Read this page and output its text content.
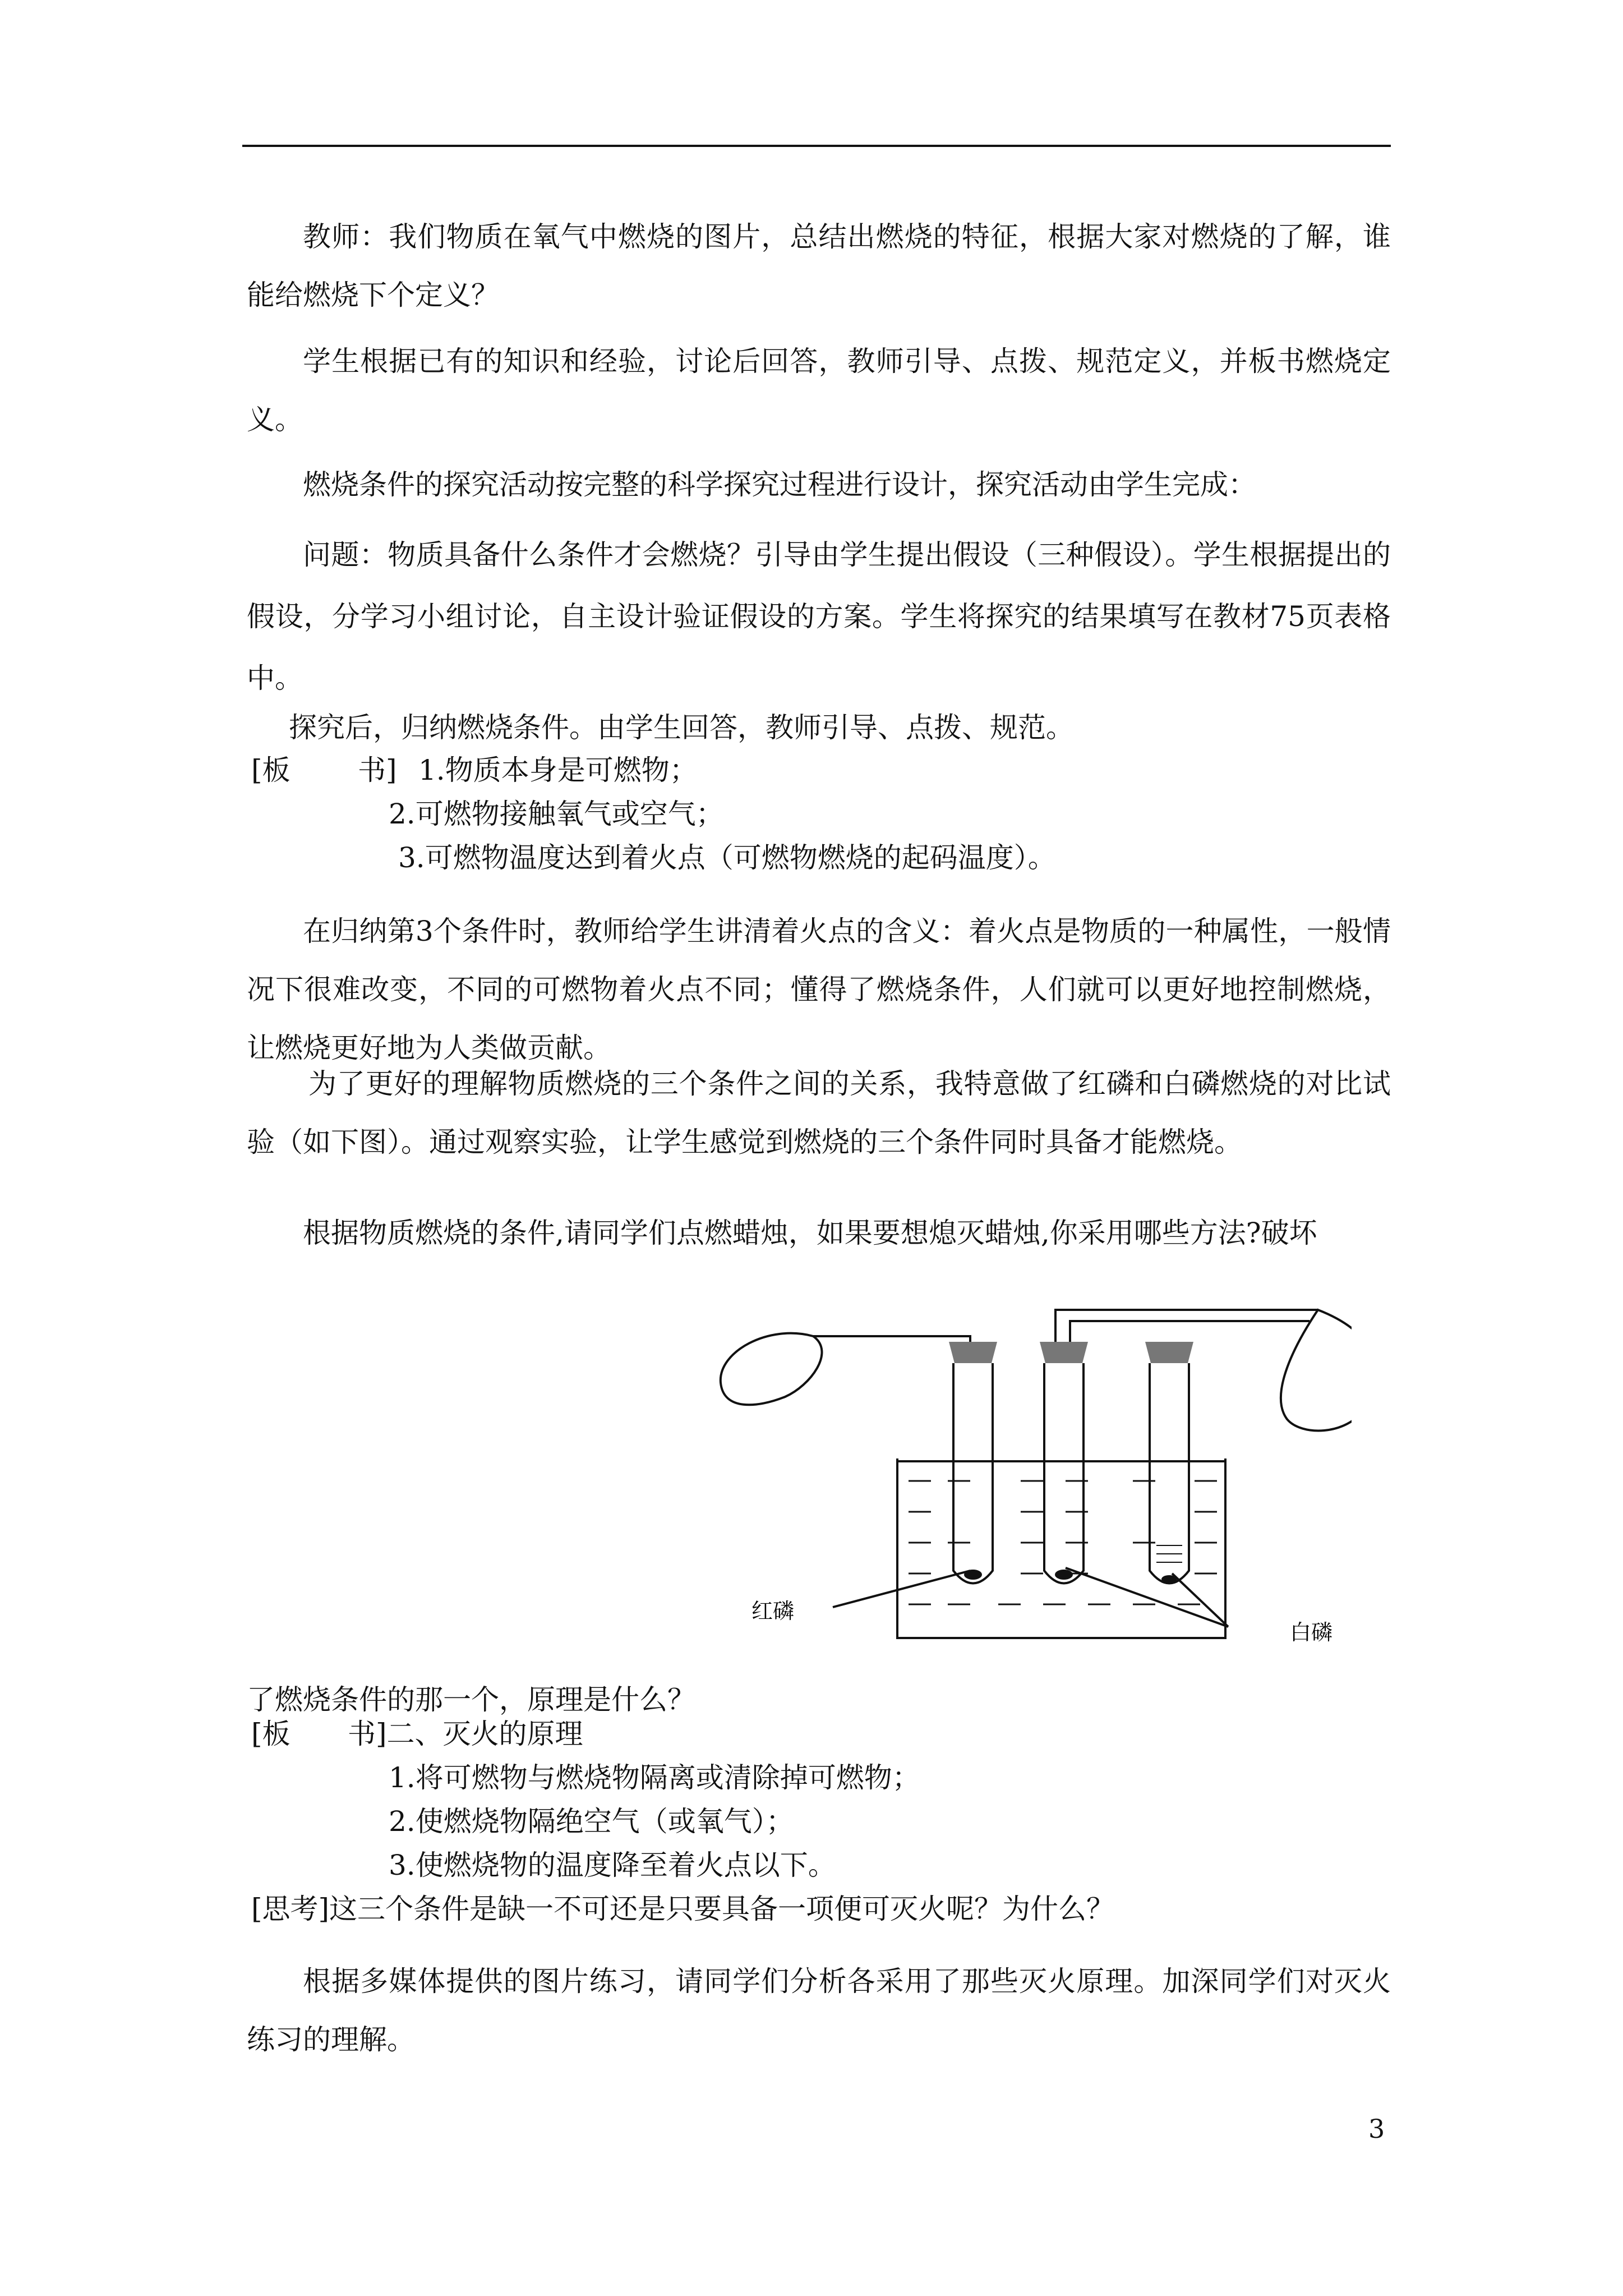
教师：我们物质在氧气中燃烧的图片，总结出燃烧的特征，根据大家对燃烧的了解，谁能给燃烧下个定义？
学生根据已有的知识和经验，讨论后回答，教师引导、点拨、规范定义，并板书燃烧定义。
燃烧条件的探究活动按完整的科学探究过程进行设计，探究活动由学生完成：
问题：物质具备什么条件才会燃烧？引导由学生提出假设（三种假设）。学生根据提出的假设，分学习小组讨论，自主设计验证假设的方案。学生将探究的结果填写在教材75页表格中。
探究后，归纳燃烧条件。由学生回答，教师引导、点拨、规范。
[板 书] 1.物质本身是可燃物；
2.可燃物接触氧气或空气；
3.可燃物温度达到着火点（可燃物燃烧的起码温度）。
在归纳第3个条件时，教师给学生讲清着火点的含义：着火点是物质的一种属性，一般情况下很难改变，不同的可燃物着火点不同；懂得了燃烧条件，人们就可以更好地控制燃烧，让燃烧更好地为人类做贡献。
为了更好的理解物质燃烧的三个条件之间的关系，我特意做了红磷和白磷燃烧的对比试验（如下图）。通过观察实验，让学生感觉到燃烧的三个条件同时具备才能燃烧。
根据物质燃烧的条件,请同学们点燃蜡烛，如果要想熄灭蜡烛,你采用哪些方法?破坏
红磷
白磷
了燃烧条件的那一个，原理是什么？
[板 书]二、灭火的原理
1.将可燃物与燃烧物隔离或清除掉可燃物；
2.使燃烧物隔绝空气（或氧气）；
3.使燃烧物的温度降至着火点以下。
[思考]这三个条件是缺一不可还是只要具备一项便可灭火呢？为什么？
根据多媒体提供的图片练习，请同学们分析各采用了那些灭火原理。加深同学们对灭火练习的理解。
3
